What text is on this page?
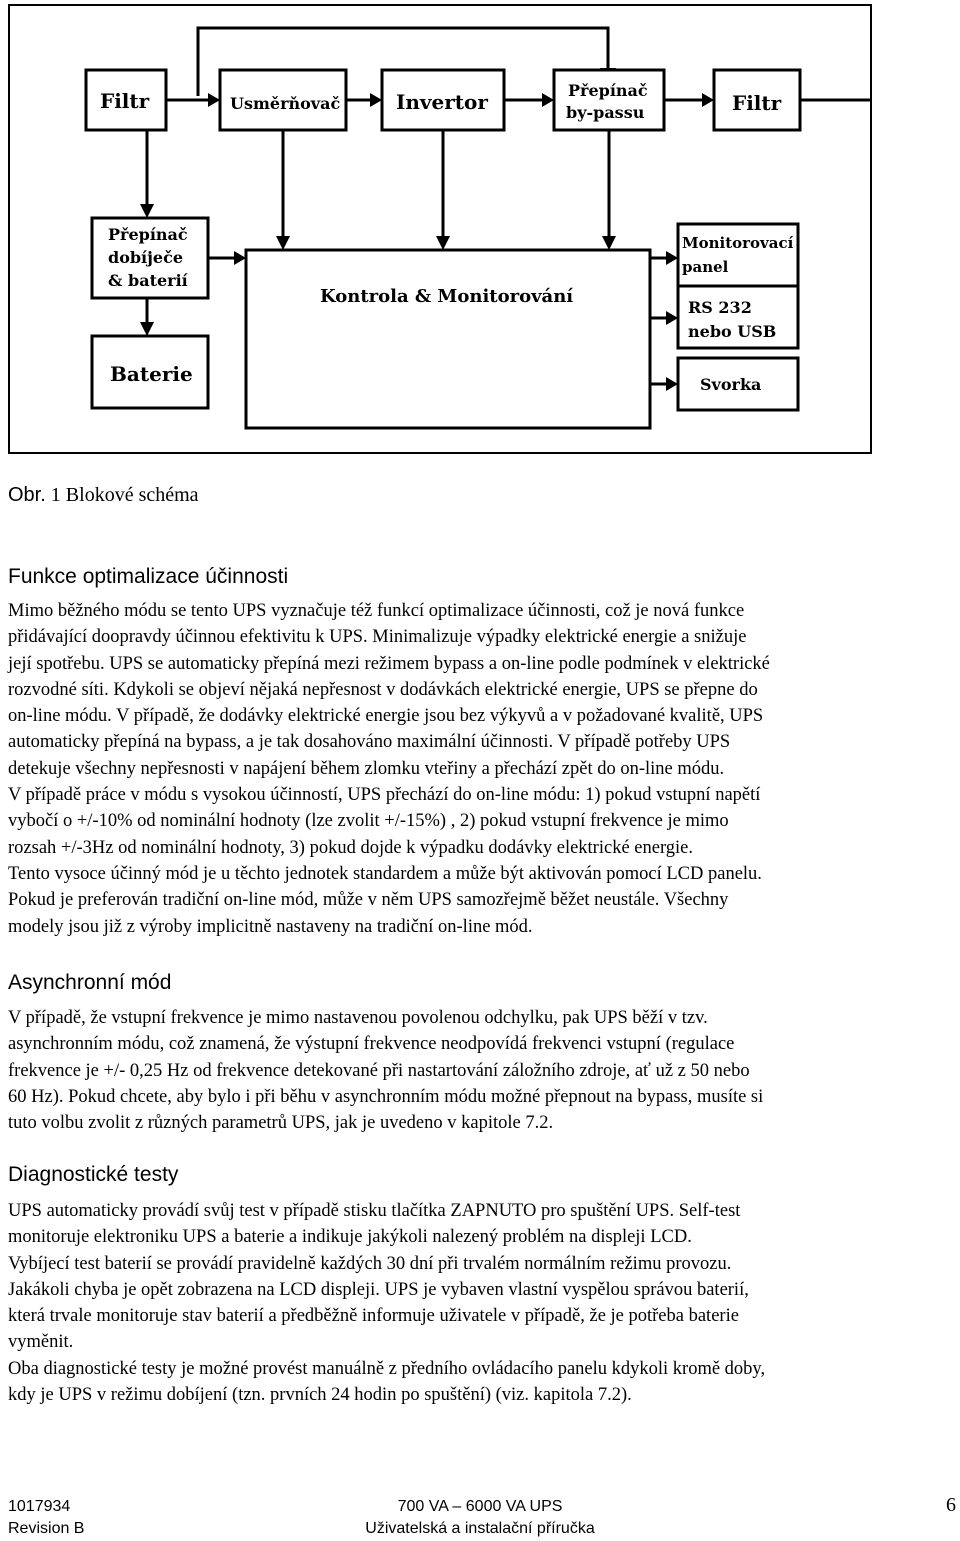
Filtr	Usměrňovač	Invertor	Přepínač
by-passu	Filtr
Přepínač
dobíječe
& baterií
Baterie
Kontrola & Monitorování
Monitorovací
panel
RS 232
nebo USB
Svorka
Obr. 1 Blokové schéma
Funkce optimalizace účinnosti
Mimo běžného módu se tento UPS vyznačuje též funkcí optimalizace účinnosti, což je nová funkce
přidávající doopravdy účinnou efektivitu k UPS. Minimalizuje výpadky elektrické energie a snižuje
její spotřebu. UPS se automaticky přepíná mezi režimem bypass a on-line podle podmínek v elektrické
rozvodné síti. Kdykoli se objeví nějaká nepřesnost v dodávkách elektrické energie, UPS se přepne do
on-line módu. V případě, že dodávky elektrické energie jsou bez výkyvů a v požadované kvalitě, UPS
automaticky přepíná na bypass, a je tak dosahováno maximální účinnosti. V případě potřeby UPS
detekuje všechny nepřesnosti v napájení během zlomku vteřiny a přechází zpět do on-line módu.
V případě práce v módu s vysokou účinností, UPS přechází do on-line módu: 1) pokud vstupní napětí
vybočí o +/-10% od nominální hodnoty (lze zvolit +/-15%) , 2) pokud vstupní frekvence je mimo
rozsah +/-3Hz od nominální hodnoty, 3) pokud dojde k výpadku dodávky elektrické energie.
Tento vysoce účinný mód je u těchto jednotek standardem a může být aktivován pomocí LCD panelu.
Pokud je preferován tradiční on-line mód, může v něm UPS samozřejmě běžet neustále. Všechny
modely jsou již z výroby implicitně nastaveny na tradiční on-line mód.
Asynchronní mód
V případě, že vstupní frekvence je mimo nastavenou povolenou odchylku, pak UPS běží v tzv.
asynchronním módu, což znamená, že výstupní frekvence neodpovídá frekvenci vstupní (regulace
frekvence je +/- 0,25 Hz od frekvence detekované při nastartování záložního zdroje, ať už z 50 nebo
60 Hz). Pokud chcete, aby bylo i při běhu v asynchronním módu možné přepnout na bypass, musíte si
tuto volbu zvolit z různých parametrů UPS, jak je uvedeno v kapitole 7.2.
Diagnostické testy
UPS automaticky provádí svůj test v případě stisku tlačítka ZAPNUTO pro spuštění UPS. Self-test
monitoruje elektroniku UPS a baterie a indikuje jakýkoli nalezený problém na displeji LCD.
Vybíjecí test baterií se provádí pravidelně každých 30 dní při trvalém normálním režimu provozu.
Jakákoli chyba je opět zobrazena na LCD displeji. UPS je vybaven vlastní vyspělou správou baterií,
která trvale monitoruje stav baterií a předběžně informuje uživatele v případě, že je potřeba baterie
vyměnit.
Oba diagnostické testy je možné provést manuálně z předního ovládacího panelu kdykoli kromě doby,
kdy je UPS v režimu dobíjení (tzn. prvních 24 hodin po spuštění) (viz. kapitola 7.2).
1017934
Revision B
700 VA – 6000 VA UPS
Uživatelská a instalační příručka
6
